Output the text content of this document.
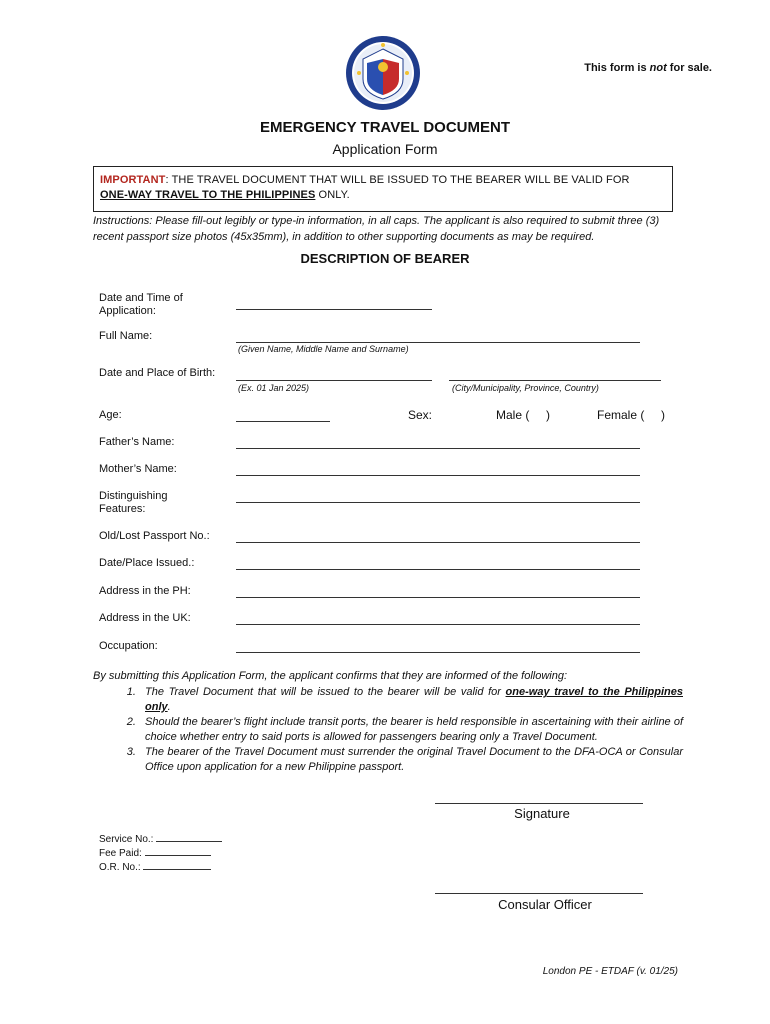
This form is not for sale.
EMERGENCY TRAVEL DOCUMENT
Application Form
IMPORTANT: THE TRAVEL DOCUMENT THAT WILL BE ISSUED TO THE BEARER WILL BE VALID FOR
ONE-WAY TRAVEL TO THE PHILIPPINES ONLY.
Instructions: Please fill-out legibly or type-in information, in all caps. The applicant is also required to submit three (3) recent passport size photos (45x35mm), in addition to other supporting documents as may be required.
DESCRIPTION OF BEARER
Date and Time of
Application:
Full Name:
(Given Name, Middle Name and Surname)
Date and Place of Birth:
(Ex. 01 Jan 2025)	(City/Municipality, Province, Country)
Age:	Sex:	Male (     )	Female (     )
Father’s Name:
Mother’s Name:
Distinguishing
Features:
Old/Lost Passport No.:
Date/Place Issued.:
Address in the PH:
Address in the UK:
Occupation:
By submitting this Application Form, the applicant confirms that they are informed of the following:
1. The Travel Document that will be issued to the bearer will be valid for one-way travel to the Philippines only.
2. Should the bearer’s flight include transit ports, the bearer is held responsible in ascertaining with their airline of choice whether entry to said ports is allowed for passengers bearing only a Travel Document.
3. The bearer of the Travel Document must surrender the original Travel Document to the DFA-OCA or Consular Office upon application for a new Philippine passport.
Signature
Service No.:
Fee Paid:
O.R. No.:
Consular Officer
London PE - ETDAF (v. 01/25)
